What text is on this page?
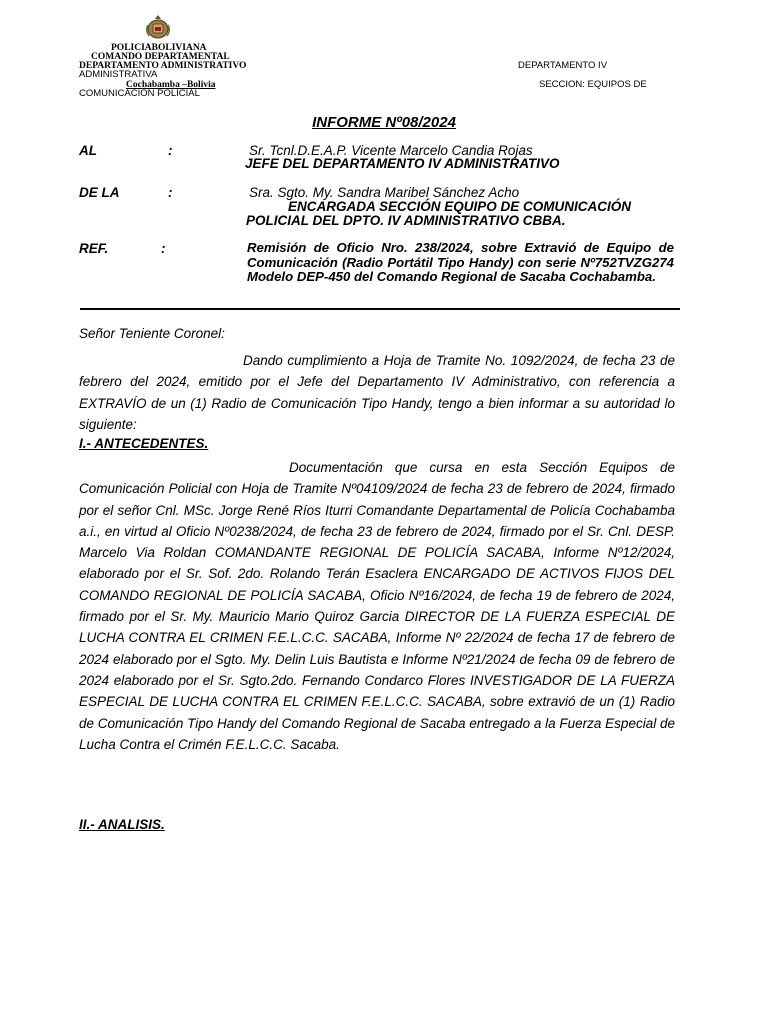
POLICIABOLIVIANA
COMANDO DEPARTAMENTAL
DEPARTAMENTO ADMINISTRATIVO
ADMINISTRATIVA
Cochabamba –Bolivia
COMUNICACIÓN POLICIAL
DEPARTAMENTO IV
SECCION: EQUIPOS DE
INFORME Nº08/2024
AL	:	Sr. Tcnl.D.E.A.P. Vicente Marcelo Candia Rojas
JEFE DEL DEPARTAMENTO IV ADMINISTRATIVO
DE LA	:	Sra. Sgto. My. Sandra Maribel Sánchez Acho
ENCARGADA SECCIÓN EQUIPO DE COMUNICACIÓN
POLICIAL DEL DPTO. IV ADMINISTRATIVO CBBA.
REF.	:	Remisión de Oficio Nro. 238/2024, sobre Extravió de Equipo de Comunicación (Radio Portátil Tipo Handy) con serie Nº752TVZG274 Modelo DEP-450 del Comando Regional de Sacaba Cochabamba.
Señor Teniente Coronel:

Dando cumplimiento a Hoja de Tramite No. 1092/2024, de fecha 23 de febrero del 2024, emitido por el Jefe del Departamento IV Administrativo, con referencia a EXTRAVÍO de un (1) Radio de Comunicación Tipo Handy, tengo a bien informar a su autoridad lo siguiente:

I.- ANTECEDENTES.

Documentación que cursa en esta Sección Equipos de Comunicación Policial con Hoja de Tramite Nº04109/2024 de fecha 23 de febrero de 2024, firmado por el señor Cnl. MSc. Jorge René Ríos Iturri Comandante Departamental de Policía Cochabamba a.i., en virtud al Oficio Nº0238/2024, de fecha 23 de febrero de 2024, firmado por el Sr. Cnl. DESP. Marcelo Via Roldan COMANDANTE REGIONAL DE POLICÍA SACABA, Informe Nº12/2024, elaborado por el Sr. Sof. 2do. Rolando Terán Esaclera ENCARGADO DE ACTIVOS FIJOS DEL COMANDO REGIONAL DE POLICÍA SACABA, Oficio Nº16/2024, de fecha 19 de febrero de 2024, firmado por el Sr. My. Mauricio Mario Quiroz Garcia DIRECTOR DE LA FUERZA ESPECIAL DE LUCHA CONTRA EL CRIMEN F.E.L.C.C. SACABA, Informe Nº 22/2024 de fecha 17 de febrero de 2024 elaborado por el Sgto. My. Delin Luis Bautista e Informe Nº21/2024 de fecha 09 de febrero de 2024 elaborado por el Sr. Sgto.2do. Fernando Condarco Flores INVESTIGADOR DE LA FUERZA ESPECIAL DE LUCHA CONTRA EL CRIMEN F.E.L.C.C. SACABA, sobre extravió de un (1) Radio de Comunicación Tipo Handy del Comando Regional de Sacaba entregado a la Fuerza Especial de Lucha Contra el Crimén F.E.L.C.C. Sacaba.

II.- ANALISIS.
